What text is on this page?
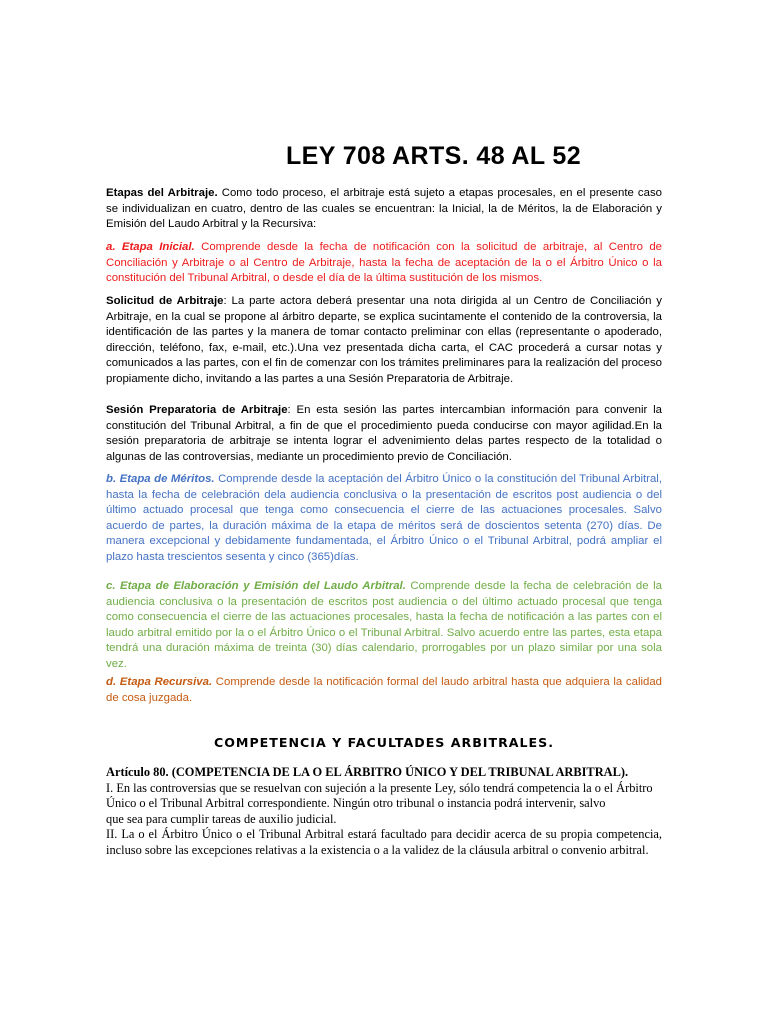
LEY 708 ARTS. 48 AL 52

Etapas del Arbitraje. Como todo proceso, el arbitraje está sujeto a etapas procesales, en el presente caso se individualizan en cuatro, dentro de las cuales se encuentran: la Inicial, la de Méritos, la de Elaboración y Emisión del Laudo Arbitral y la Recursiva:

a. Etapa Inicial. Comprende desde la fecha de notificación con la solicitud de arbitraje, al Centro de Conciliación y Arbitraje o al Centro de Arbitraje, hasta la fecha de aceptación de la o el Árbitro Único o la constitución del Tribunal Arbitral, o desde el día de la última sustitución de los mismos.

Solicitud de Arbitraje: La parte actora deberá presentar una nota dirigida al un Centro de Conciliación y Arbitraje, en la cual se propone al árbitro departe, se explica sucintamente el contenido de la controversia, la identificación de las partes y la manera de tomar contacto preliminar con ellas (representante o apoderado, dirección, teléfono, fax, e-mail, etc.).Una vez presentada dicha carta, el CAC procederá a cursar notas y comunicados a las partes, con el fin de comenzar con los trámites preliminares para la realización del proceso propiamente dicho, invitando a las partes a una Sesión Preparatoria de Arbitraje.

Sesión Preparatoria de Arbitraje: En esta sesión las partes intercambian información para convenir la constitución del Tribunal Arbitral, a fin de que el procedimiento pueda conducirse con mayor agilidad.En la sesión preparatoria de arbitraje se intenta lograr el advenimiento delas partes respecto de la totalidad o algunas de las controversias, mediante un procedimiento previo de Conciliación.

b. Etapa de Méritos. Comprende desde la aceptación del Árbitro Único o la constitución del Tribunal Arbitral, hasta la fecha de celebración dela audiencia conclusiva o la presentación de escritos post audiencia o del último actuado procesal que tenga como consecuencia el cierre de las actuaciones procesales. Salvo acuerdo de partes, la duración máxima de la etapa de méritos será de doscientos setenta (270) días. De manera excepcional y debidamente fundamentada, el Árbitro Único o el Tribunal Arbitral, podrá ampliar el plazo hasta trescientos sesenta y cinco (365)días.

c. Etapa de Elaboración y Emisión del Laudo Arbitral. Comprende desde la fecha de celebración de la audiencia conclusiva o la presentación de escritos post audiencia o del último actuado procesal que tenga como consecuencia el cierre de las actuaciones procesales, hasta la fecha de notificación a las partes con el laudo arbitral emitido por la o el Árbitro Único o el Tribunal Arbitral. Salvo acuerdo entre las partes, esta etapa tendrá una duración máxima de treinta (30) días calendario, prorrogables por un plazo similar por una sola vez.

d. Etapa Recursiva. Comprende desde la notificación formal del laudo arbitral hasta que adquiera la calidad de cosa juzgada.

COMPETENCIA Y FACULTADES ARBITRALES.

Artículo 80. (COMPETENCIA DE LA O EL ÁRBITRO ÚNICO Y DEL TRIBUNAL ARBITRAL).

I. En las controversias que se resuelvan con sujeción a la presente Ley, sólo tendrá competencia la o el Árbitro Único o el Tribunal Arbitral correspondiente. Ningún otro tribunal o instancia podrá intervenir, salvo

que sea para cumplir tareas de auxilio judicial.

II. La o el Árbitro Único o el Tribunal Arbitral estará facultado para decidir acerca de su propia competencia, incluso sobre las excepciones relativas a la existencia o a la validez de la cláusula arbitral o convenio arbitral.
